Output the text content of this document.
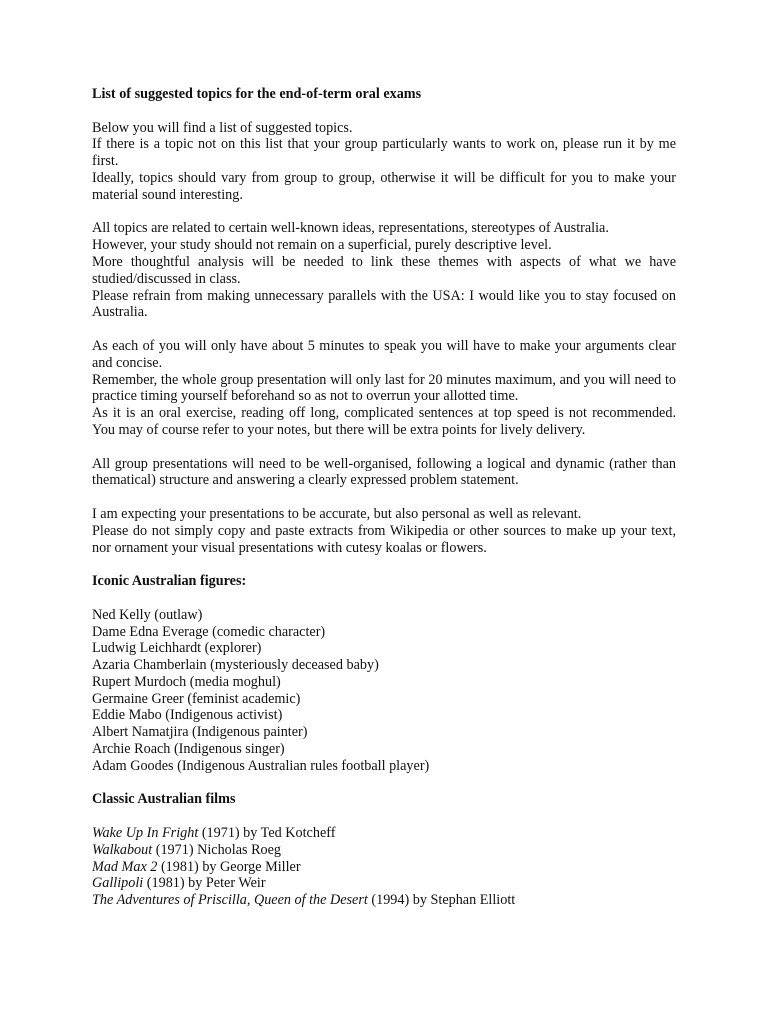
List of suggested topics for the end-of-term oral exams

Below you will find a list of suggested topics.

If there is a topic not on this list that your group particularly wants to work on, please run it by me first.

Ideally, topics should vary from group to group, otherwise it will be difficult for you to make your material sound interesting.

All topics are related to certain well-known ideas, representations, stereotypes of Australia.

However, your study should not remain on a superficial, purely descriptive level.

More thoughtful analysis will be needed to link these themes with aspects of what we have studied/discussed in class.

Please refrain from making unnecessary parallels with the USA: I would like you to stay focused on Australia.

As each of you will only have about 5 minutes to speak you will have to make your arguments clear and concise.

Remember, the whole group presentation will only last for 20 minutes maximum, and you will need to practice timing yourself beforehand so as not to overrun your allotted time.

As it is an oral exercise, reading off long, complicated sentences at top speed is not recommended. You may of course refer to your notes, but there will be extra points for lively delivery.

All group presentations will need to be well-organised, following a logical and dynamic (rather than thematical) structure and answering a clearly expressed problem statement.

I am expecting your presentations to be accurate, but also personal as well as relevant.

Please do not simply copy and paste extracts from Wikipedia or other sources to make up your text, nor ornament your visual presentations with cutesy koalas or flowers.

Iconic Australian figures:

Ned Kelly (outlaw)
Dame Edna Everage (comedic character)
Ludwig Leichhardt (explorer)
Azaria Chamberlain (mysteriously deceased baby)
Rupert Murdoch (media moghul)
Germaine Greer (feminist academic)
Eddie Mabo (Indigenous activist)
Albert Namatjira (Indigenous painter)
Archie Roach (Indigenous singer)
Adam Goodes (Indigenous Australian rules football player)

Classic Australian films

Wake Up In Fright (1971) by Ted Kotcheff
Walkabout (1971) Nicholas Roeg
Mad Max 2 (1981) by George Miller
Gallipoli (1981) by Peter Weir
The Adventures of Priscilla, Queen of the Desert (1994) by Stephan Elliott
